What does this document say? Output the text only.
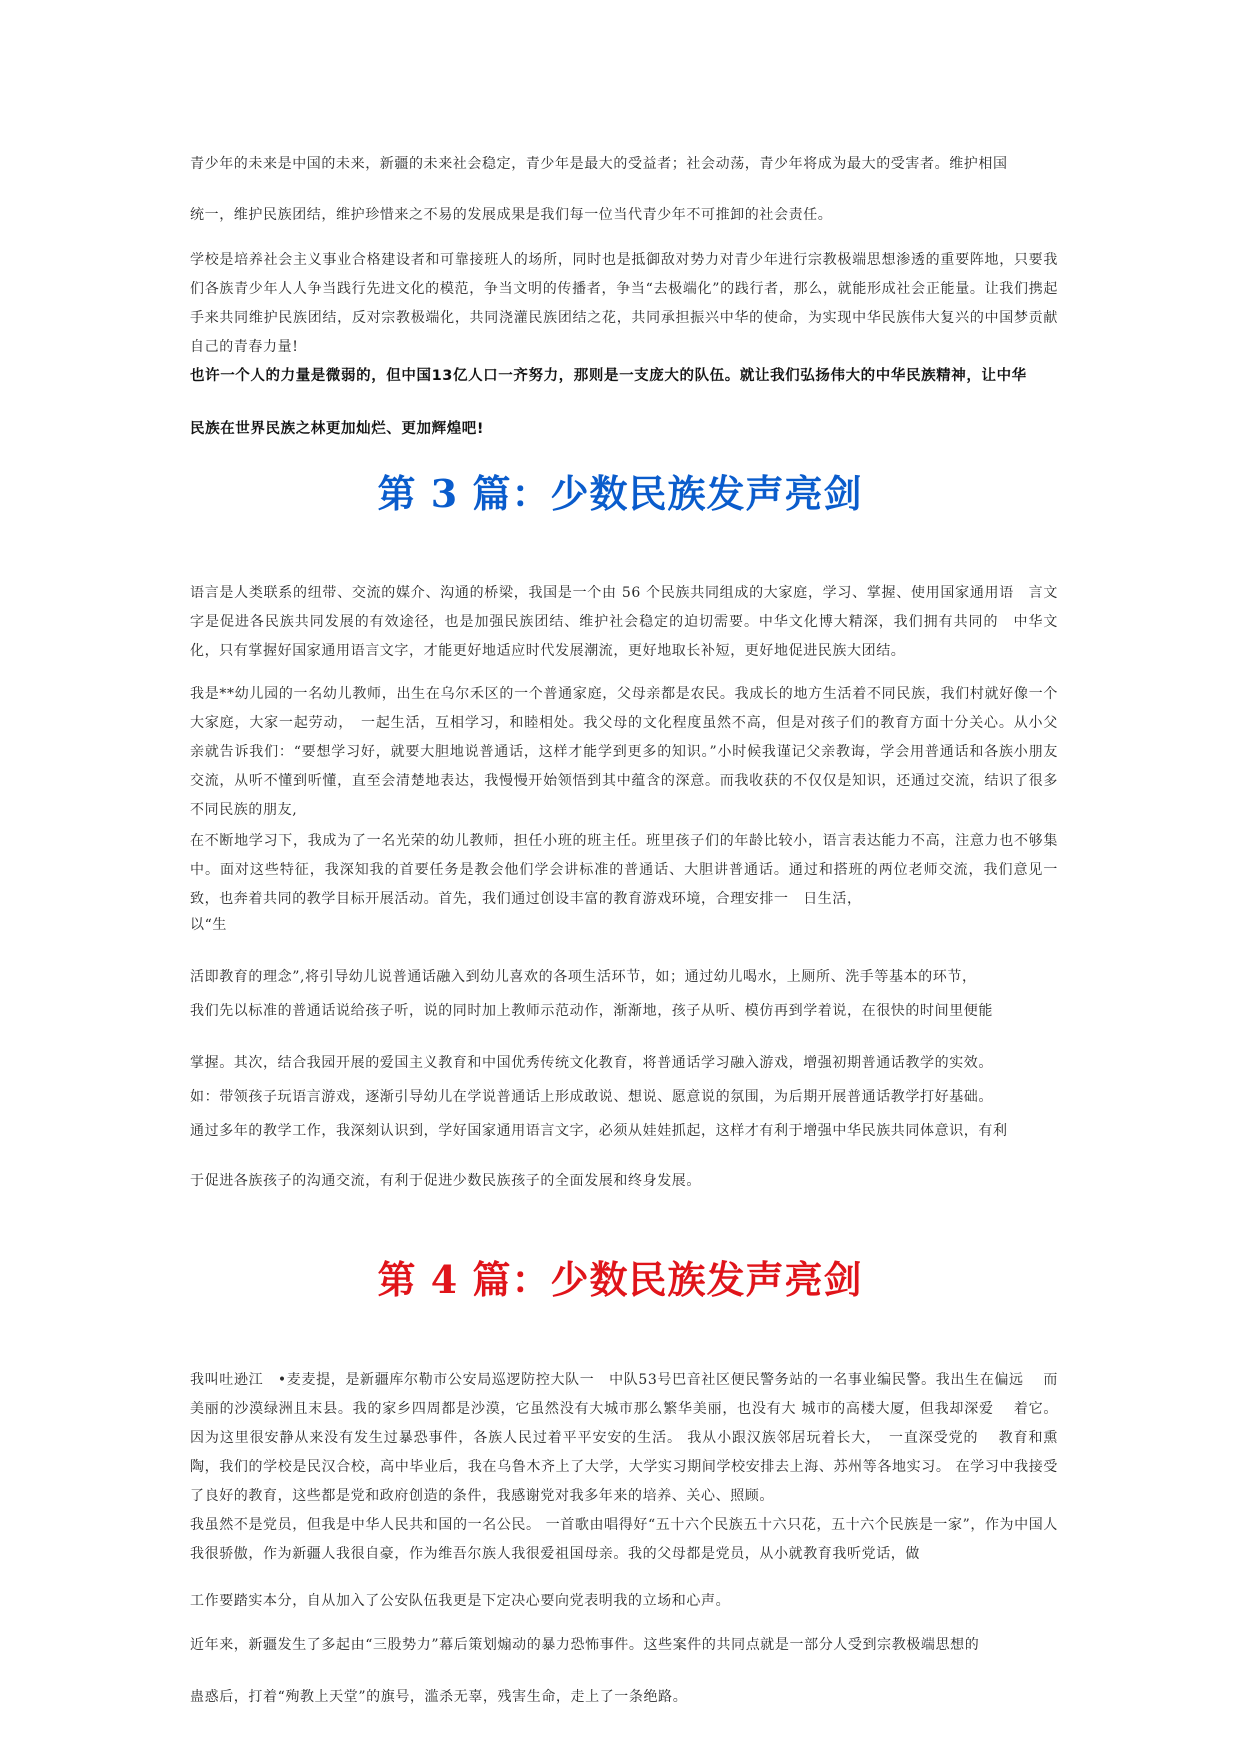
青少年的未来是中国的未来，新疆的未来社会稳定，青少年是最大的受益者；社会动荡，青少年将成为最大的受害者。维护相国

统一，维护民族团结，维护珍惜来之不易的发展成果是我们每一位当代青少年不可推卸的社会责任。

学校是培养社会主义事业合格建设者和可靠接班人的场所，同时也是抵御敌对势力对青少年进行宗教极端思想渗透的重要阵地，只要我们各族青少年人人争当践行先进文化的模范，争当文明的传播者，争当“去极端化”的践行者，那么，就能形成社会正能量。让我们携起手来共同维护民族团结，反对宗教极端化，共同浇灌民族团结之花，共同承担振兴中华的使命，为实现中华民族伟大复兴的中国梦贡献自己的青春力量!

也许一个人的力量是微弱的，但中国13亿人口一齐努力，那则是一支庞大的队伍。就让我们弘扬伟大的中华民族精神，让中华

民族在世界民族之林更加灿烂、更加辉煌吧!

第 3 篇：少数民族发声亮剑

语言是人类联系的纽带、交流的媒介、沟通的桥梁，我国是一个由 56 个民族共同组成的大家庭，学习、掌握、使用国家通用语　言文字是促进各民族共同发展的有效途径，也是加强民族团结、维护社会稳定的迫切需要。中华文化博大精深，我们拥有共同的　中华文化，只有掌握好国家通用语言文字，才能更好地适应时代发展潮流，更好地取长补短，更好地促进民族大团结。

我是**幼儿园的一名幼儿教师，出生在乌尔禾区的一个普通家庭，父母亲都是农民。我成长的地方生活着不同民族，我们村就好像一个大家庭，大家一起劳动，　一起生活，互相学习，和睦相处。我父母的文化程度虽然不高，但是对孩子们的教育方面十分关心。从小父亲就告诉我们：“要想学习好，就要大胆地说普通话，这样才能学到更多的知识。”小时候我谨记父亲教诲，学会用普通话和各族小朋友交流，从听不懂到听懂，直至会清楚地表达，我慢慢开始领悟到其中蕴含的深意。而我收获的不仅仅是知识，还通过交流，结识了很多不同民族的朋友,

在不断地学习下，我成为了一名光荣的幼儿教师，担任小班的班主任。班里孩子们的年龄比较小，语言表达能力不高，注意力也不够集中。面对这些特征，我深知我的首要任务是教会他们学会讲标准的普通话、大胆讲普通话。通过和搭班的两位老师交流，我们意见一致，也奔着共同的教学目标开展活动。首先，我们通过创设丰富的教育游戏环境，合理安排一　日生活，

以“生

活即教育的理念”,将引导幼儿说普通话融入到幼儿喜欢的各项生活环节，如；通过幼儿喝水，上厕所、洗手等基本的环节，

我们先以标准的普通话说给孩子听，说的同时加上教师示范动作，渐渐地，孩子从听、模仿再到学着说，在很快的时间里便能

掌握。其次，结合我园开展的爱国主义教育和中国优秀传统文化教育，将普通话学习融入游戏，增强初期普通话教学的实效。

如：带领孩子玩语言游戏，逐渐引导幼儿在学说普通话上形成敢说、想说、愿意说的氛围，为后期开展普通话教学打好基础。

通过多年的教学工作，我深刻认识到，学好国家通用语言文字，必须从娃娃抓起，这样才有利于增强中华民族共同体意识，有利

于促进各族孩子的沟通交流，有利于促进少数民族孩子的全面发展和终身发展。

第 4 篇：少数民族发声亮剑

我叫吐逊江　•麦麦提，是新疆库尔勒市公安局巡逻防控大队一　中队53号巴音社区便民警务站的一名事业编民警。我出生在偏远　 而美丽的沙漠绿洲且末县。我的家乡四周都是沙漠，它虽然没有大城市那么繁华美丽，也没有大 城市的高楼大厦，但我却深爱　 着它。因为这里很安静从来没有发生过暴恐事件，各族人民过着平平安安的生活。 我从小跟汉族邻居玩着长大，　一直深受党的　 教育和熏陶，我们的学校是民汉合校，高中毕业后，我在乌鲁木齐上了大学，大学实习期间学校安排去上海、苏州等各地实习。 在学习中我接受了良好的教育，这些都是党和政府创造的条件，我感谢党对我多年来的培养、关心、照顾。

我虽然不是党员，但我是中华人民共和国的一名公民。 一首歌由唱得好“五十六个民族五十六只花，五十六个民族是一家”，作为中国人我很骄傲，作为新疆人我很自豪，作为维吾尔族人我很爱祖国母亲。我的父母都是党员，从小就教育我听党话，做

工作要踏实本分，自从加入了公安队伍我更是下定决心要向党表明我的立场和心声。

近年来，新疆发生了多起由“三股势力”幕后策划煽动的暴力恐怖事件。这些案件的共同点就是一部分人受到宗教极端思想的

蛊惑后，打着“殉教上天堂”的旗号，滥杀无辜，残害生命，走上了一条绝路。
